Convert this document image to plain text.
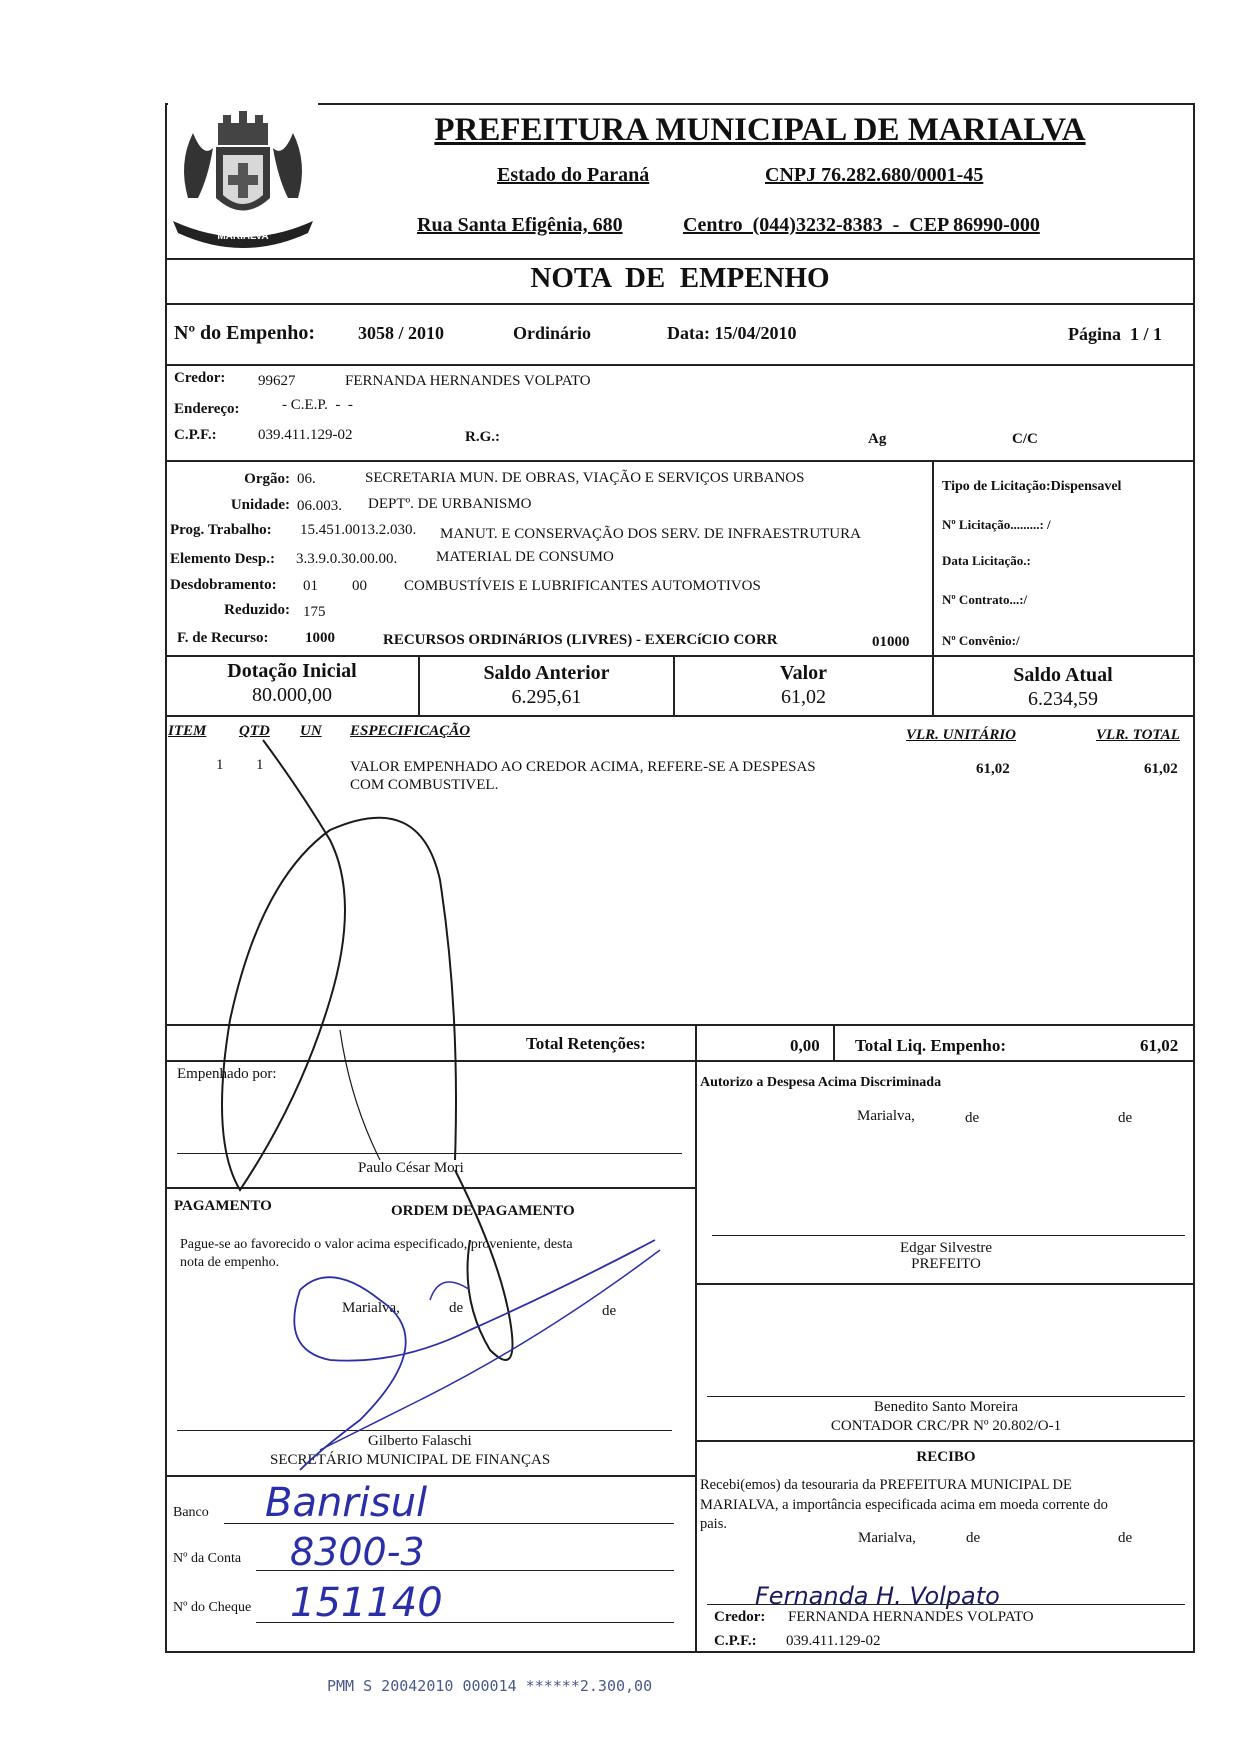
MARIALVA
PREFEITURA MUNICIPAL DE MARIALVA
Estado do Paraná	CNPJ 76.282.680/0001-45
Rua Santa Efigênia, 680	Centro  (044)3232-8383  -  CEP 86990-000
NOTA  DE  EMPENHO
Nº do Empenho: 3058 / 2010	Ordinário	Data: 15/04/2010	Página  1 / 1
Credor: 99627	FERNANDA HERNANDES VOLPATO
Endereço:	- C.E.P.  -  -
C.P.F.:	039.411.129-02	R.G.:	Ag	C/C
Orgão: 06.	SECRETARIA MUN. DE OBRAS, VIAÇÃO E SERVIÇOS URBANOS
Unidade: 06.003. DEPTº. DE URBANISMO
Prog. Trabalho: 15.451.0013.2.030. MANUT. E CONSERVAÇÃO DOS SERV. DE INFRAESTRUTURA
Elemento Desp.: 3.3.9.0.30.00.00.	MATERIAL DE CONSUMO
Desdobramento: 01 00 COMBUSTÍVEIS E LUBRIFICANTES AUTOMOTIVOS
Reduzido: 175
F. de Recurso: 1000	RECURSOS ORDINáRIOS (LIVRES) - EXERCíCIO CORR	01000
Tipo de Licitação:Dispensavel
Nº Licitação.........: /
Data Licitação.:
Nº Contrato...:/
Nº Convênio:/
Dotação Inicial
80.000,00
Saldo Anterior
6.295,61
Valor
61,02
Saldo Atual
6.234,59
ITEM QTD UN ESPECIFICAÇÃO	VLR. UNITÁRIO	VLR. TOTAL
1 1	VALOR EMPENHADO AO CREDOR ACIMA, REFERE-SE A DESPESAS
COM COMBUSTIVEL.
61,02	61,02
Total Retenções:	0,00 Total Liq. Empenho:	61,02
Empenhado por:
Paulo César Mori
PAGAMENTO	ORDEM DE PAGAMENTO
Pague-se ao favorecido o valor acima especificado, proveniente, desta
nota de empenho.
Marialva,	de	de
Gilberto Falaschi
SECRETÁRIO MUNICIPAL DE FINANÇAS
Banco Banrisul
Nº da Conta 8300-3
Nº do Cheque 151140
Autorizo a Despesa Acima Discriminada
Marialva,	de	de
Edgar Silvestre
PREFEITO
Benedito Santo Moreira
CONTADOR CRC/PR Nº 20.802/O-1
RECIBO
Recebi(emos) da tesouraria da PREFEITURA MUNICIPAL DE
MARIALVA, a importância especificada acima em moeda corrente do
pais.
Marialva,	de	de
Fernanda H. Volpato
Credor: FERNANDA HERNANDES VOLPATO
C.P.F.: 039.411.129-02
PMM S 20042010 000014 ******2.300,00
